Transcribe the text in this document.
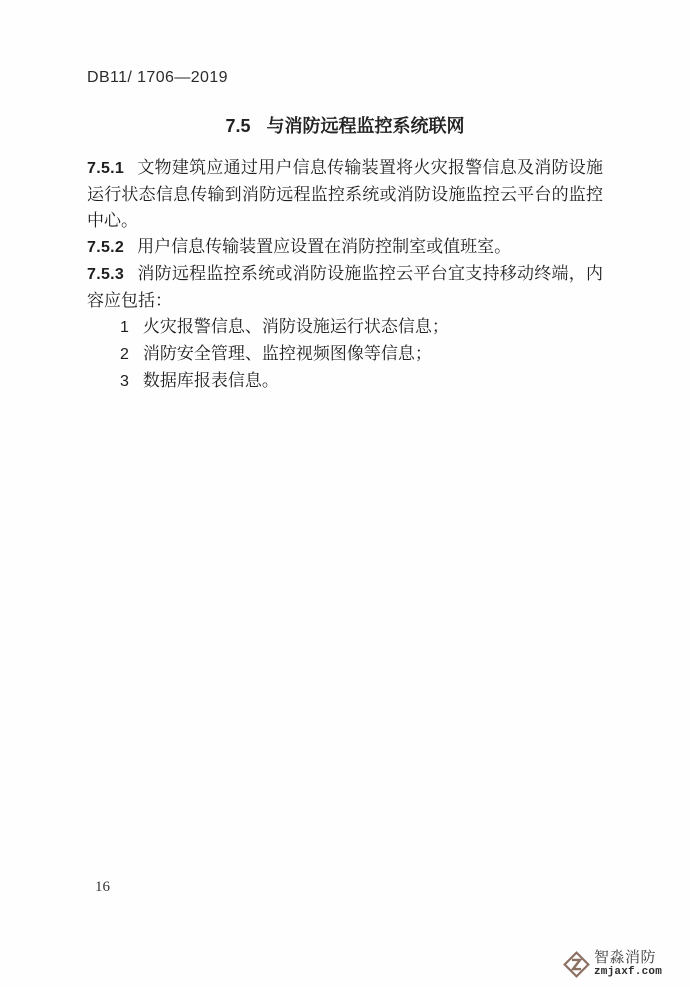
DB11/ 1706—2019
7.5 与消防远程监控系统联网

7.5.1 文物建筑应通过用户信息传输装置将火灾报警信息及消防设施运行状态信息传输到消防远程监控系统或消防设施监控云平台的监控中心。

7.5.2 用户信息传输装置应设置在消防控制室或值班室。

7.5.3 消防远程监控系统或消防设施监控云平台宜支持移动终端，内容应包括：

1 火灾报警信息、消防设施运行状态信息；

2 消防安全管理、监控视频图像等信息；

3 数据库报表信息。

16
智淼消防
zmjaxf.com
